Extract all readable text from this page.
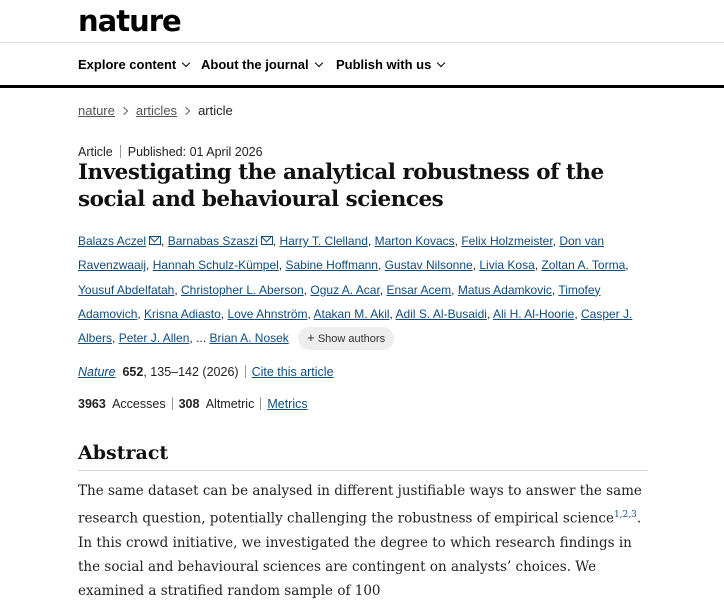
nature
Explore content	About the journal	Publish with us
nature articles article
Article Published: 01 April 2026
Investigating the analytical robustness of the social and behavioural sciences
Balazs Aczel , Barnabas Szaszi , Harry T. Clelland, Marton Kovacs, Felix Holzmeister, Don van Ravenzwaaij, Hannah Schulz-Kümpel, Sabine Hoffmann, Gustav Nilsonne, Livia Kosa, Zoltan A. Torma, Yousuf Abdelfatah, Christopher L. Aberson, Oguz A. Acar, Ensar Acem, Matus Adamkovic, Timofey Adamovich, Krisna Adiasto, Love Ahnström, Atakan M. Akil, Adil S. Al-Busaidi, Ali H. Al-Hoorie, Casper J. Albers, Peter J. Allen, ... Brian A. Nosek + Show authors
Nature 652, 135–142 (2026) Cite this article
3963 Accesses 308 Altmetric Metrics
Abstract

The same dataset can be analysed in different justifiable ways to answer the same research question, potentially challenging the robustness of empirical science$^{1,2,3}$. In this crowd initiative, we investigated the degree to which research findings in the social and behavioural sciences are contingent on analysts’ choices. We examined a stratified random sample of 100
